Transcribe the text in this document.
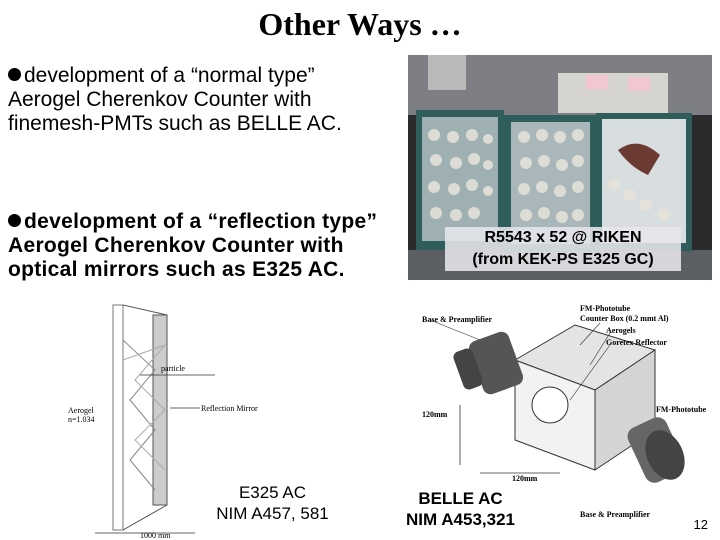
Other Ways …
development of a “normal type” Aerogel Cherenkov Counter with finemesh-PMTs such as BELLE AC.
development of a “reflection type” Aerogel Cherenkov Counter with optical mirrors such as E325 AC.
R5543 x 52 @ RIKEN
(from KEK-PS E325 GC)
particle
Aerogel
n=1.034
Reflection Mirror
1000 mm
E325 AC
NIM A457, 581
FM-Phototube
Counter Box (0.2 mmt Al)
Aerogels
Goretex Reflector
Base & Preamplifier
FM-Phototube
120mm
120mm
Base & Preamplifier
BELLE AC
NIM A453,321	12
